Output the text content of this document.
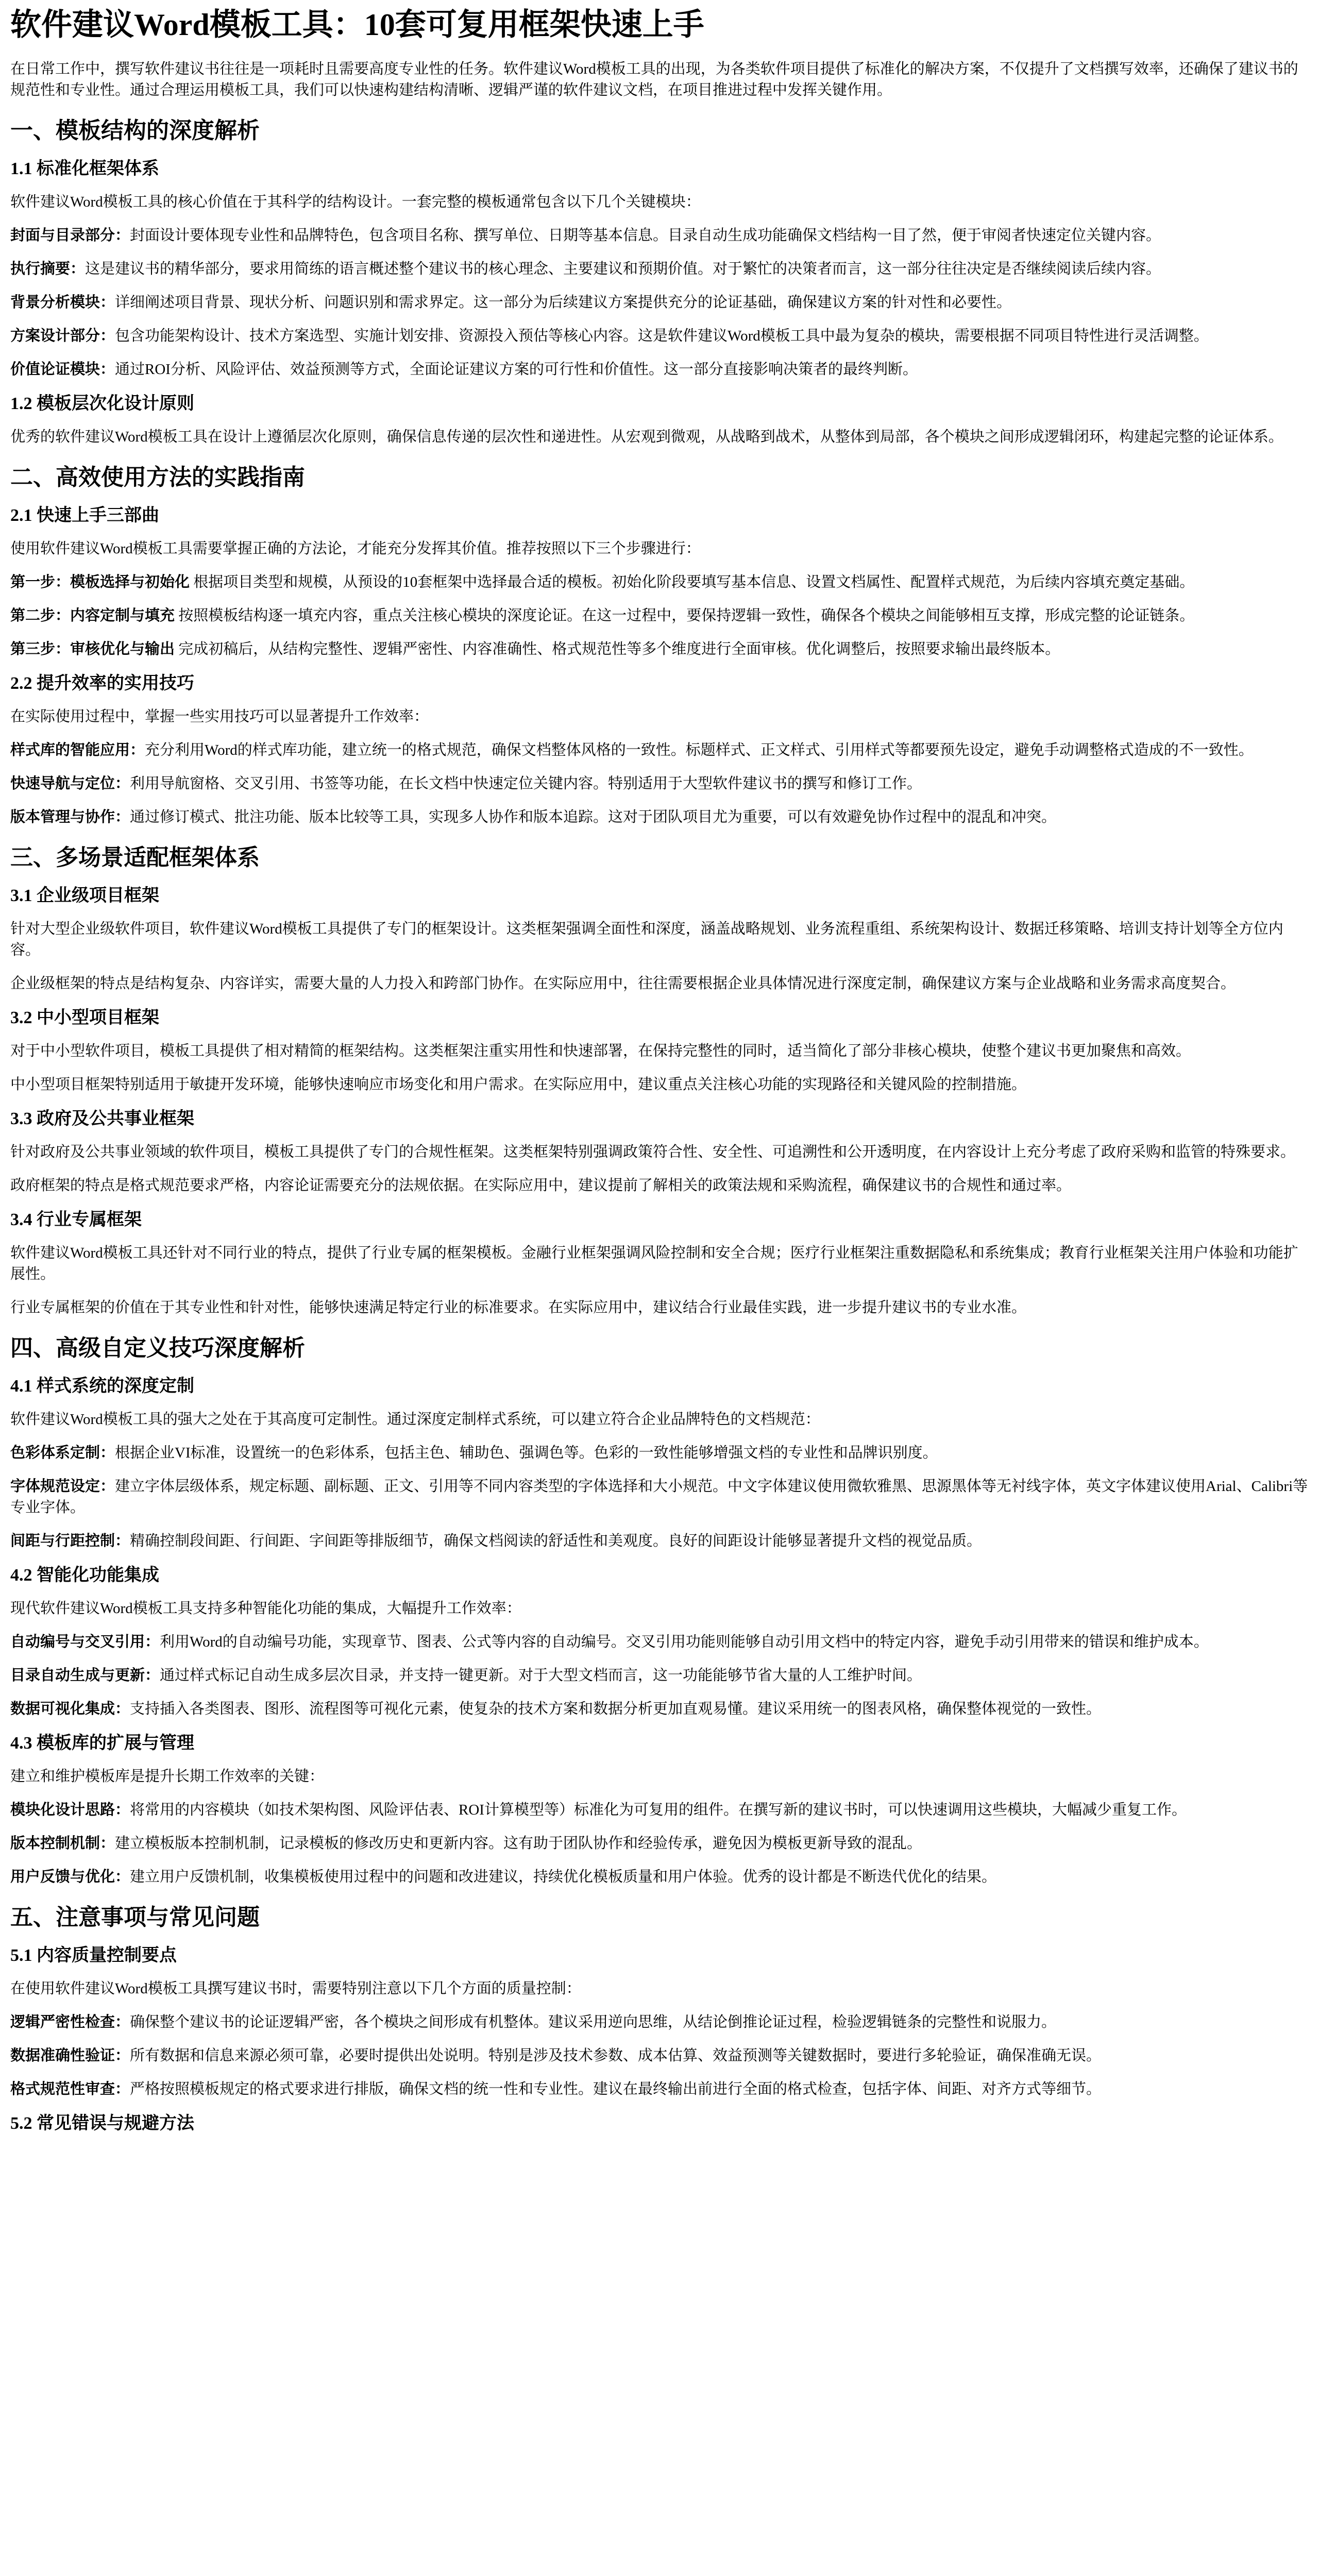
软件建议Word模板工具：10套可复用框架快速上手

在日常工作中，撰写软件建议书往往是一项耗时且需要高度专业性的任务。软件建议Word模板工具的出现，为各类软件项目提供了标准化的解决方案，不仅提升了文档撰写效率，还确保了建议书的规范性和专业性。通过合理运用模板工具，我们可以快速构建结构清晰、逻辑严谨的软件建议文档，在项目推进过程中发挥关键作用。

一、模板结构的深度解析
1.1 标准化框架体系

软件建议Word模板工具的核心价值在于其科学的结构设计。一套完整的模板通常包含以下几个关键模块：

封面与目录部分：封面设计要体现专业性和品牌特色，包含项目名称、撰写单位、日期等基本信息。目录自动生成功能确保文档结构一目了然，便于审阅者快速定位关键内容。

执行摘要：这是建议书的精华部分，要求用简练的语言概述整个建议书的核心理念、主要建议和预期价值。对于繁忙的决策者而言，这一部分往往决定是否继续阅读后续内容。

背景分析模块：详细阐述项目背景、现状分析、问题识别和需求界定。这一部分为后续建议方案提供充分的论证基础，确保建议方案的针对性和必要性。

方案设计部分：包含功能架构设计、技术方案选型、实施计划安排、资源投入预估等核心内容。这是软件建议Word模板工具中最为复杂的模块，需要根据不同项目特性进行灵活调整。

价值论证模块：通过ROI分析、风险评估、效益预测等方式，全面论证建议方案的可行性和价值性。这一部分直接影响决策者的最终判断。

1.2 模板层次化设计原则

优秀的软件建议Word模板工具在设计上遵循层次化原则，确保信息传递的层次性和递进性。从宏观到微观，从战略到战术，从整体到局部，各个模块之间形成逻辑闭环，构建起完整的论证体系。

二、高效使用方法的实践指南
2.1 快速上手三部曲

使用软件建议Word模板工具需要掌握正确的方法论，才能充分发挥其价值。推荐按照以下三个步骤进行：

第一步：模板选择与初始化 根据项目类型和规模，从预设的10套框架中选择最合适的模板。初始化阶段要填写基本信息、设置文档属性、配置样式规范，为后续内容填充奠定基础。

第二步：内容定制与填充 按照模板结构逐一填充内容，重点关注核心模块的深度论证。在这一过程中，要保持逻辑一致性，确保各个模块之间能够相互支撑，形成完整的论证链条。

第三步：审核优化与输出 完成初稿后，从结构完整性、逻辑严密性、内容准确性、格式规范性等多个维度进行全面审核。优化调整后，按照要求输出最终版本。

2.2 提升效率的实用技巧

在实际使用过程中，掌握一些实用技巧可以显著提升工作效率：

样式库的智能应用：充分利用Word的样式库功能，建立统一的格式规范，确保文档整体风格的一致性。标题样式、正文样式、引用样式等都要预先设定，避免手动调整格式造成的不一致性。

快速导航与定位：利用导航窗格、交叉引用、书签等功能，在长文档中快速定位关键内容。特别适用于大型软件建议书的撰写和修订工作。

版本管理与协作：通过修订模式、批注功能、版本比较等工具，实现多人协作和版本追踪。这对于团队项目尤为重要，可以有效避免协作过程中的混乱和冲突。

三、多场景适配框架体系
3.1 企业级项目框架

针对大型企业级软件项目，软件建议Word模板工具提供了专门的框架设计。这类框架强调全面性和深度，涵盖战略规划、业务流程重组、系统架构设计、数据迁移策略、培训支持计划等全方位内容。

企业级框架的特点是结构复杂、内容详实，需要大量的人力投入和跨部门协作。在实际应用中，往往需要根据企业具体情况进行深度定制，确保建议方案与企业战略和业务需求高度契合。

3.2 中小型项目框架

对于中小型软件项目，模板工具提供了相对精简的框架结构。这类框架注重实用性和快速部署，在保持完整性的同时，适当简化了部分非核心模块，使整个建议书更加聚焦和高效。

中小型项目框架特别适用于敏捷开发环境，能够快速响应市场变化和用户需求。在实际应用中，建议重点关注核心功能的实现路径和关键风险的控制措施。

3.3 政府及公共事业框架

针对政府及公共事业领域的软件项目，模板工具提供了专门的合规性框架。这类框架特别强调政策符合性、安全性、可追溯性和公开透明度，在内容设计上充分考虑了政府采购和监管的特殊要求。

政府框架的特点是格式规范要求严格，内容论证需要充分的法规依据。在实际应用中，建议提前了解相关的政策法规和采购流程，确保建议书的合规性和通过率。

3.4 行业专属框架

软件建议Word模板工具还针对不同行业的特点，提供了行业专属的框架模板。金融行业框架强调风险控制和安全合规；医疗行业框架注重数据隐私和系统集成；教育行业框架关注用户体验和功能扩展性。

行业专属框架的价值在于其专业性和针对性，能够快速满足特定行业的标准要求。在实际应用中，建议结合行业最佳实践，进一步提升建议书的专业水准。

四、高级自定义技巧深度解析
4.1 样式系统的深度定制

软件建议Word模板工具的强大之处在于其高度可定制性。通过深度定制样式系统，可以建立符合企业品牌特色的文档规范：

色彩体系定制：根据企业VI标准，设置统一的色彩体系，包括主色、辅助色、强调色等。色彩的一致性能够增强文档的专业性和品牌识别度。

字体规范设定：建立字体层级体系，规定标题、副标题、正文、引用等不同内容类型的字体选择和大小规范。中文字体建议使用微软雅黑、思源黑体等无衬线字体，英文字体建议使用Arial、Calibri等专业字体。

间距与行距控制：精确控制段间距、行间距、字间距等排版细节，确保文档阅读的舒适性和美观度。良好的间距设计能够显著提升文档的视觉品质。

4.2 智能化功能集成

现代软件建议Word模板工具支持多种智能化功能的集成，大幅提升工作效率：

自动编号与交叉引用：利用Word的自动编号功能，实现章节、图表、公式等内容的自动编号。交叉引用功能则能够自动引用文档中的特定内容，避免手动引用带来的错误和维护成本。

目录自动生成与更新：通过样式标记自动生成多层次目录，并支持一键更新。对于大型文档而言，这一功能能够节省大量的人工维护时间。

数据可视化集成：支持插入各类图表、图形、流程图等可视化元素，使复杂的技术方案和数据分析更加直观易懂。建议采用统一的图表风格，确保整体视觉的一致性。

4.3 模板库的扩展与管理

建立和维护模板库是提升长期工作效率的关键：

模块化设计思路：将常用的内容模块（如技术架构图、风险评估表、ROI计算模型等）标准化为可复用的组件。在撰写新的建议书时，可以快速调用这些模块，大幅减少重复工作。

版本控制机制：建立模板版本控制机制，记录模板的修改历史和更新内容。这有助于团队协作和经验传承，避免因为模板更新导致的混乱。

用户反馈与优化：建立用户反馈机制，收集模板使用过程中的问题和改进建议，持续优化模板质量和用户体验。优秀的设计都是不断迭代优化的结果。

五、注意事项与常见问题
5.1 内容质量控制要点

在使用软件建议Word模板工具撰写建议书时，需要特别注意以下几个方面的质量控制：

逻辑严密性检查：确保整个建议书的论证逻辑严密，各个模块之间形成有机整体。建议采用逆向思维，从结论倒推论证过程，检验逻辑链条的完整性和说服力。

数据准确性验证：所有数据和信息来源必须可靠，必要时提供出处说明。特别是涉及技术参数、成本估算、效益预测等关键数据时，要进行多轮验证，确保准确无误。

格式规范性审查：严格按照模板规定的格式要求进行排版，确保文档的统一性和专业性。建议在最终输出前进行全面的格式检查，包括字体、间距、对齐方式等细节。

5.2 常见错误与规避方法
